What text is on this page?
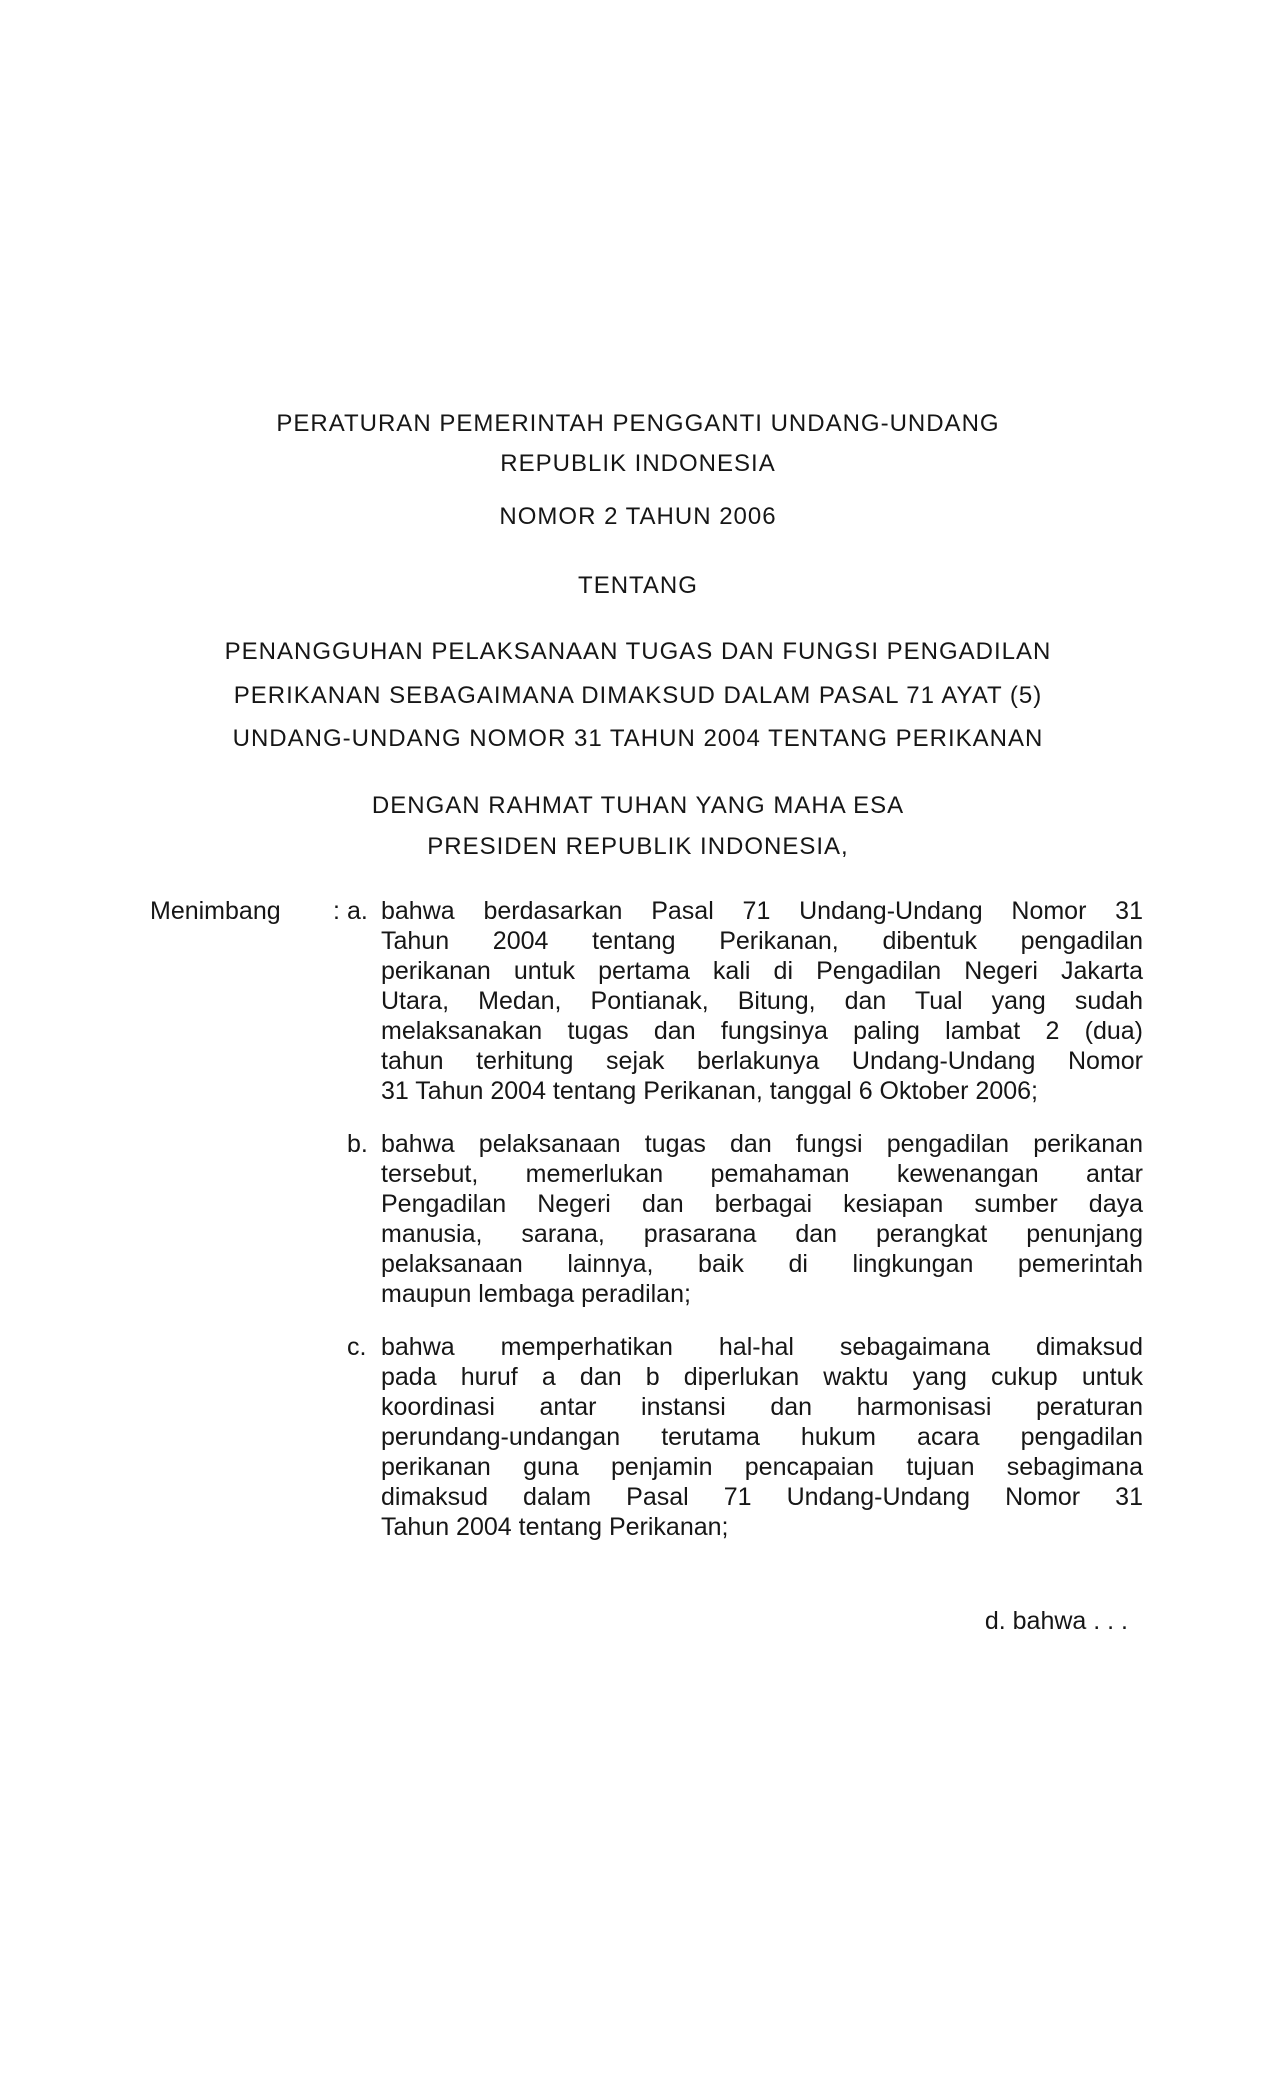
PERATURAN PEMERINTAH PENGGANTI UNDANG-UNDANG
REPUBLIK INDONESIA
NOMOR 2 TAHUN 2006
TENTANG
PENANGGUHAN PELAKSANAAN TUGAS DAN FUNGSI PENGADILAN
PERIKANAN SEBAGAIMANA DIMAKSUD DALAM PASAL 71 AYAT (5)
UNDANG-UNDANG NOMOR 31 TAHUN 2004 TENTANG PERIKANAN
DENGAN RAHMAT TUHAN YANG MAHA ESA
PRESIDEN REPUBLIK INDONESIA,
Menimbang : a. bahwa berdasarkan Pasal 71 Undang-Undang Nomor 31
Tahun 2004 tentang Perikanan, dibentuk pengadilan
perikanan untuk pertama kali di Pengadilan Negeri Jakarta
Utara, Medan, Pontianak, Bitung, dan Tual yang sudah
melaksanakan tugas dan fungsinya paling lambat 2 (dua)
tahun terhitung sejak berlakunya Undang-Undang Nomor
31 Tahun 2004 tentang Perikanan, tanggal 6 Oktober 2006;
b. bahwa pelaksanaan tugas dan fungsi pengadilan perikanan
tersebut, memerlukan pemahaman kewenangan antar
Pengadilan Negeri dan berbagai kesiapan sumber daya
manusia, sarana, prasarana dan perangkat penunjang
pelaksanaan lainnya, baik di lingkungan pemerintah
maupun lembaga peradilan;
c. bahwa memperhatikan hal-hal sebagaimana dimaksud
pada huruf a dan b diperlukan waktu yang cukup untuk
koordinasi antar instansi dan harmonisasi peraturan
perundang-undangan terutama hukum acara pengadilan
perikanan guna penjamin pencapaian tujuan sebagimana
dimaksud dalam Pasal 71 Undang-Undang Nomor 31
Tahun 2004 tentang Perikanan;
d. bahwa . . .
